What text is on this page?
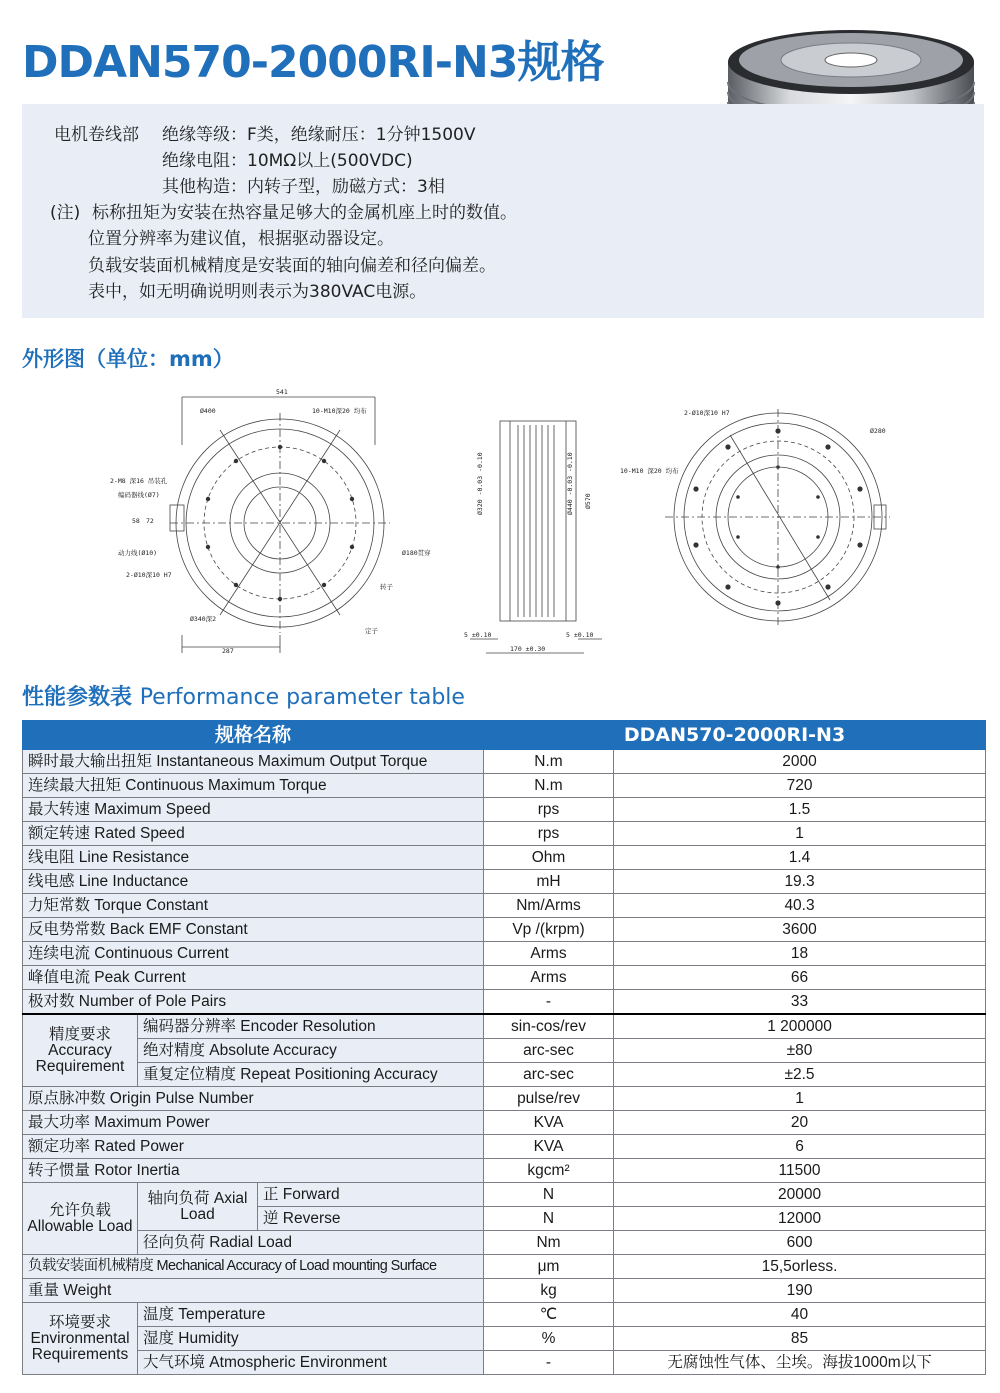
DDAN570-2000RI-N3规格
电机卷线部 绝缘等级：F类，绝缘耐压：1分钟1500V
绝缘电阻：10MΩ以上(500VDC)
其他构造：内转子型，励磁方式：3相
(注) 标称扭矩为安装在热容量足够大的金属机座上时的数值。
位置分辨率为建议值，根据驱动器设定。
负载安装面机械精度是安装面的轴向偏差和径向偏差。
表中，如无明确说明则表示为380VAC电源。
外形图（单位：mm）
541
Ø400	10-M10深20 均布
2-M8 深16 吊装孔
编码器线(Ø7)
58 72
动力线(Ø10)
2-Ø10深10 H7
Ø180贯穿
转子
Ø340深2
定子
287
Ø320 -0.03 -0.10	Ø440 -0.03 -0.10 Ø570
5 ±0.10	5 ±0.10
170 ±0.30
2-Ø10深10 H7
10-M10 深20 均布
Ø280
性能参数表 Performance parameter table
规格名称			DDAN570-2000RI-N3	
瞬时最大输出扭矩 Instantaneous Maximum Output Torque			N.m	2000
连续最大扭矩 Continuous Maximum Torque			N.m	720
最大转速 Maximum Speed			rps	1.5
额定转速 Rated Speed			rps	1
线电阻 Line Resistance			Ohm	1.4
线电感 Line Inductance			mH	19.3
力矩常数 Torque Constant			Nm/Arms	40.3
反电势常数 Back EMF Constant			Vp /(krpm)	3600
连续电流 Continuous Current			Arms	18
峰值电流 Peak Current			Arms	66
极对数 Number of Pole Pairs			-	33
精度要求 Accuracy Requirement	编码器分辨率 Encoder Resolution		sin-cos/rev	1 200000
	绝对精度 Absolute Accuracy		arc-sec	±80
	重复定位精度 Repeat Positioning Accuracy		arc-sec	±2.5
原点脉冲数 Origin Pulse Number			pulse/rev	1
最大功率 Maximum Power			KVA	20
额定功率 Rated Power			KVA	6
转子惯量 Rotor Inertia			kgcm²	11500
允许负载 Allowable Load	轴向负荷 Axial Load	正 Forward	N	20000
		逆 Reverse	N	12000
	径向负荷 Radial Load		Nm	600
负载安装面机械精度 Mechanical Accuracy of Load mounting Surface			μm	15,5orless.
重量 Weight			kg	190
环境要求 Environmental Requirements	温度 Temperature		℃	40
	湿度 Humidity		%	85
	大气环境 Atmospheric Environment		-	无腐蚀性气体、尘埃。海拔1000m以下
